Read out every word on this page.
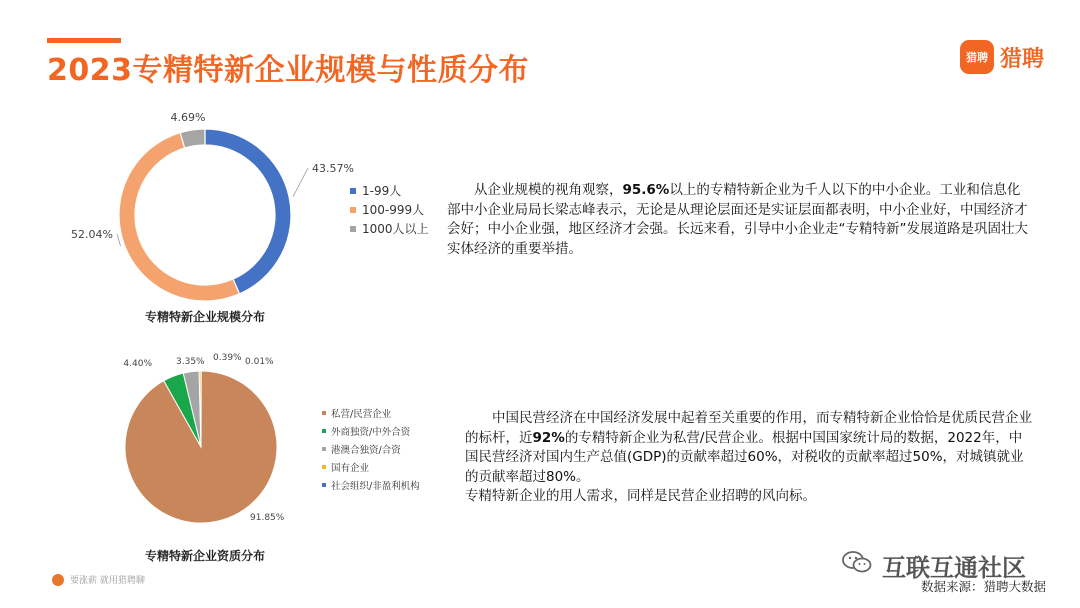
2023专精特新企业规模与性质分布	猎聘 猎聘
43.57%
52.04%
4.69%
91.85%
4.40%	3.35% 0.39% 0.01%
专精特新企业规模分布
专精特新企业资质分布
1-99人
100-999人
1000人以上
私营/民营企业
外商独资/中外合资
港澳合独资/合资
国有企业
社会组织/非盈利机构

从企业规模的视角观察，95.6%以上的专精特新企业为千人以下的中小企业。工业和信息化部中小企业局局长梁志峰表示，无论是从理论层面还是实证层面都表明，中小企业好，中国经济才会好；中小企业强，地区经济才会强。长远来看，引导中小企业走“专精特新”发展道路是巩固壮大实体经济的重要举措。

中国民营经济在中国经济发展中起着至关重要的作用，而专精特新企业恰恰是优质民营企业的标杆，近92%的专精特新企业为私营/民营企业。根据中国国家统计局的数据，2022年，中国民营经济对国内生产总值(GDP)的贡献率超过60%，对税收的贡献率超过50%，对城镇就业的贡献率超过80%。

专精特新企业的用人需求，同样是民营企业招聘的风向标。

互联互通社区
数据来源：猎聘大数据
要涨薪 就用猎聘聊
